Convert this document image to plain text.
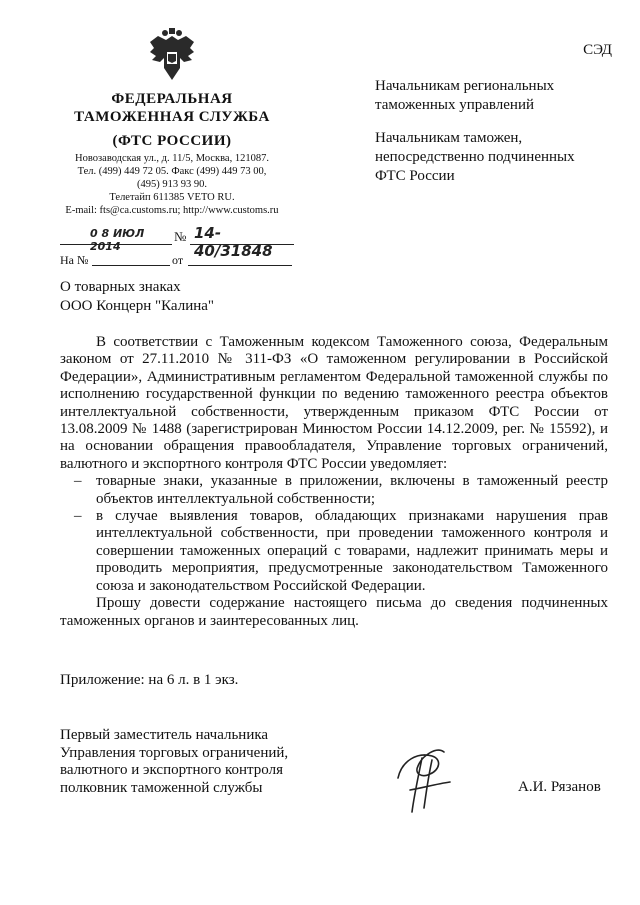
ФЕДЕРАЛЬНАЯ
ТАМОЖЕННАЯ СЛУЖБА
(ФТС РОССИИ)
Новозаводская ул., д. 11/5, Москва, 121087.
Тел. (499) 449 72 05. Факс (499) 449 73 00,
(495) 913 93 90.
Телетайп 611385 VETO RU.
E-mail: fts@ca.customs.ru; http://www.customs.ru
0 8 ИЮЛ 2014
№ 14-40/31848
На №	от
СЭД
Начальникам региональных
таможенных управлений
Начальникам таможен,
непосредственно подчиненных
ФТС России
О товарных знаках
ООО Концерн "Калина"
В соответствии с Таможенным кодексом Таможенного союза, Федеральным законом от 27.11.2010 № 311-ФЗ «О таможенном регулировании в Российской Федерации», Административным регламентом Федеральной таможенной службы по исполнению государственной функции по ведению таможенного реестра объектов интеллектуальной собственности, утвержденным приказом ФТС России от 13.08.2009 № 1488 (зарегистрирован Минюстом России 14.12.2009, рег. № 15592), и на основании обращения правообладателя, Управление торговых ограничений, валютного и экспортного контроля ФТС России уведомляет:
– товарные знаки, указанные в приложении, включены в таможенный реестр объектов интеллектуальной собственности;
– в случае выявления товаров, обладающих признаками нарушения прав интеллектуальной собственности, при проведении таможенного контроля и совершении таможенных операций с товарами, надлежит принимать меры и проводить мероприятия, предусмотренные законодательством Таможенного союза и законодательством Российской Федерации.
Прошу довести содержание настоящего письма до сведения подчиненных таможенных органов и заинтересованных лиц.
Приложение: на 6 л. в 1 экз.
Первый заместитель начальника
Управления торговых ограничений,
валютного и экспортного контроля
полковник таможенной службы	А.И. Рязанов
